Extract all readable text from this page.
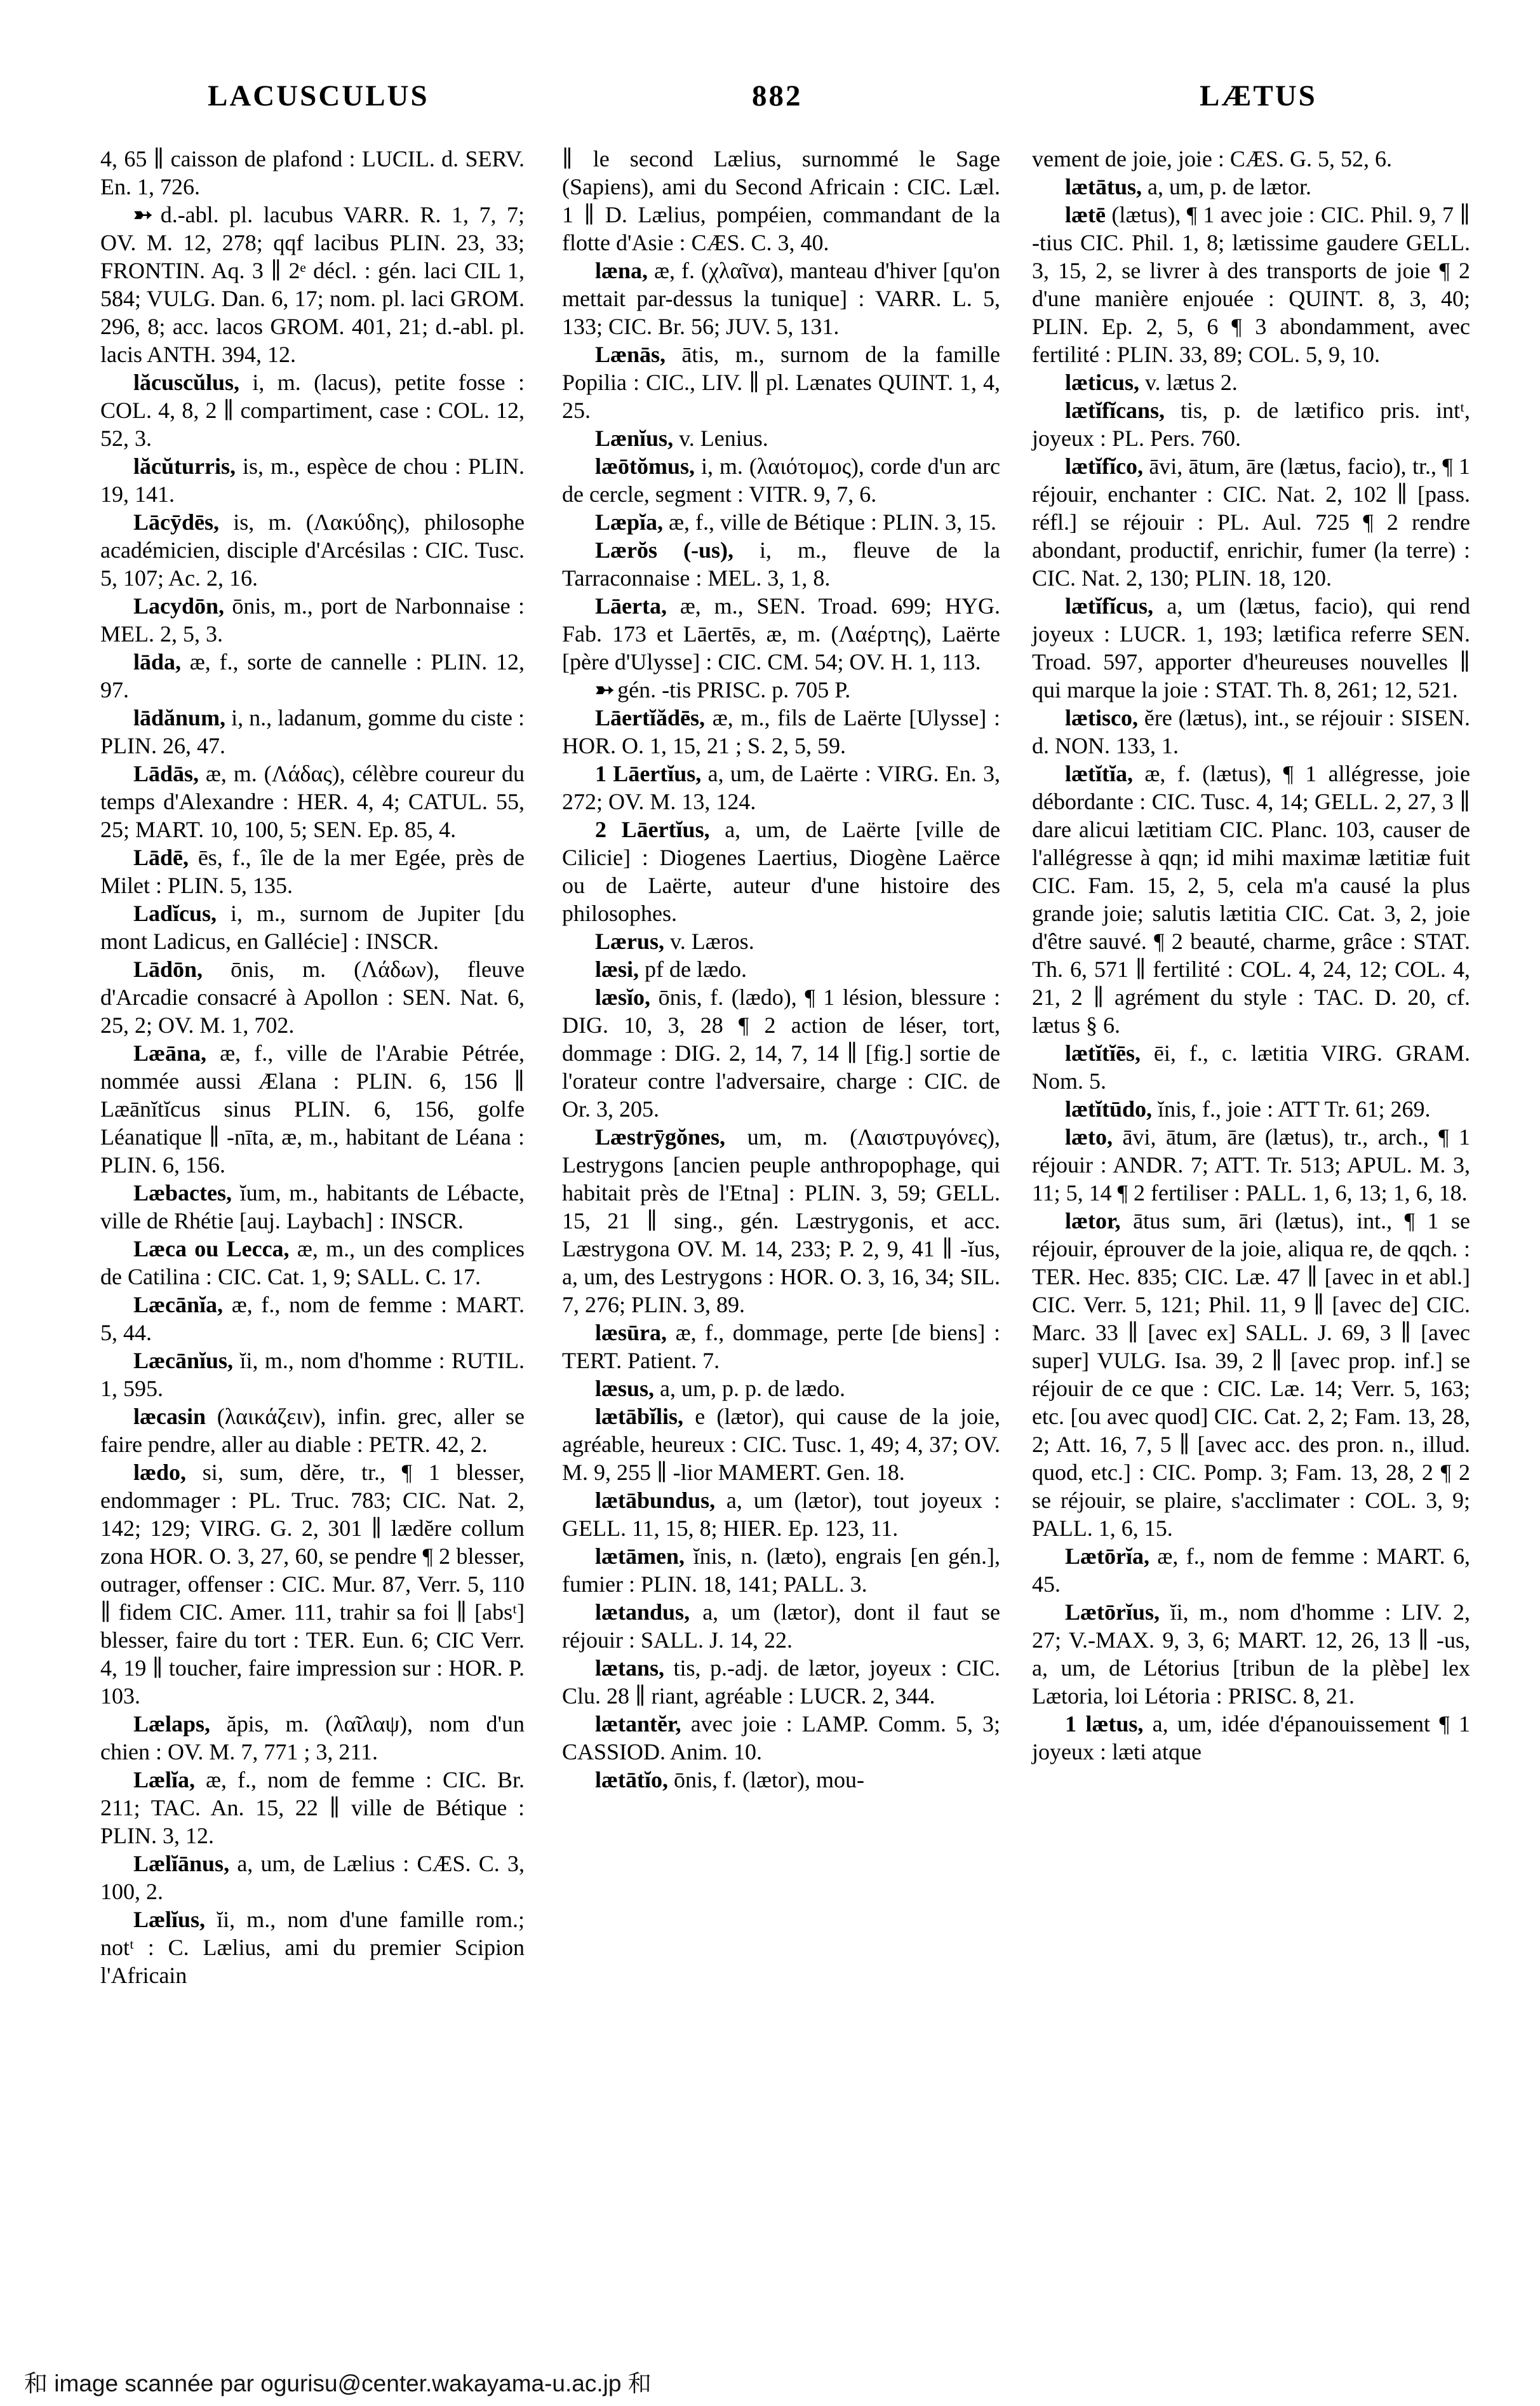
LACUSCULUS	882	LÆTUS

4, 65 ∥ caisson de plafond : LUCIL. d. SERV. En. 1, 726.

➳ d.-abl. pl. lacubus VARR. R. 1, 7, 7; OV. M. 12, 278; qqf lacibus PLIN. 23, 33; FRONTIN. Aq. 3 ∥ 2ᵉ décl. : gén. laci CIL 1, 584; VULG. Dan. 6, 17; nom. pl. laci GROM. 296, 8; acc. lacos GROM. 401, 21; d.-abl. pl. lacis ANTH. 394, 12.

lăcuscŭlus, i, m. (lacus), petite fosse : COL. 4, 8, 2 ∥ compartiment, case : COL. 12, 52, 3.

lăcŭturris, is, m., espèce de chou : PLIN. 19, 141.

Lācȳdēs, is, m. (Λακύδης), philosophe académicien, disciple d'Arcésilas : CIC. Tusc. 5, 107; Ac. 2, 16.

Lacydōn, ōnis, m., port de Narbonnaise : MEL. 2, 5, 3.

lāda, æ, f., sorte de cannelle : PLIN. 12, 97.

lādănum, i, n., ladanum, gomme du ciste : PLIN. 26, 47.

Lādās, æ, m. (Λάδας), célèbre coureur du temps d'Alexandre : HER. 4, 4; CATUL. 55, 25; MART. 10, 100, 5; SEN. Ep. 85, 4.

Lādē, ēs, f., île de la mer Egée, près de Milet : PLIN. 5, 135.

Ladĭcus, i, m., surnom de Jupiter [du mont Ladicus, en Gallécie] : INSCR.

Lādōn, ōnis, m. (Λάδων), fleuve d'Arcadie consacré à Apollon : SEN. Nat. 6, 25, 2; OV. M. 1, 702.

Læāna, æ, f., ville de l'Arabie Pétrée, nommée aussi Ælana : PLIN. 6, 156 ∥ Læānĭtĭcus sinus PLIN. 6, 156, golfe Léanatique ∥ -nīta, æ, m., habitant de Léana : PLIN. 6, 156.

Læbactes, ĭum, m., habitants de Lébacte, ville de Rhétie [auj. Laybach] : INSCR.

Læca ou Lecca, æ, m., un des complices de Catilina : CIC. Cat. 1, 9; SALL. C. 17.

Læcānĭa, æ, f., nom de femme : MART. 5, 44.

Læcānĭus, ĭi, m., nom d'homme : RUTIL. 1, 595.

læcasin (λαικάζειν), infin. grec, aller se faire pendre, aller au diable : PETR. 42, 2.

lædo, si, sum, dĕre, tr., ¶ 1 blesser, endommager : PL. Truc. 783; CIC. Nat. 2, 142; 129; VIRG. G. 2, 301 ∥ lædĕre collum zona HOR. O. 3, 27, 60, se pendre ¶ 2 blesser, outrager, offenser : CIC. Mur. 87, Verr. 5, 110 ∥ fidem CIC. Amer. 111, trahir sa foi ∥ [absᵗ] blesser, faire du tort : TER. Eun. 6; CIC Verr. 4, 19 ∥ toucher, faire impression sur : HOR. P. 103.

Lælaps, ăpis, m. (λαῖλαψ), nom d'un chien : OV. M. 7, 771 ; 3, 211.

Lælĭa, æ, f., nom de femme : CIC. Br. 211; TAC. An. 15, 22 ∥ ville de Bétique : PLIN. 3, 12.

Lælĭānus, a, um, de Lælius : CÆS. C. 3, 100, 2.

Lælĭus, ĭi, m., nom d'une famille rom.; notᵗ : C. Lælius, ami du premier Scipion l'Africain

∥ le second Lælius, surnommé le Sage (Sapiens), ami du Second Africain : CIC. Læl. 1 ∥ D. Lælius, pompéien, commandant de la flotte d'Asie : CÆS. C. 3, 40.

læna, æ, f. (χλαῖνα), manteau d'hiver [qu'on mettait par-dessus la tunique] : VARR. L. 5, 133; CIC. Br. 56; JUV. 5, 131.

Lænās, ātis, m., surnom de la famille Popilia : CIC., LIV. ∥ pl. Lænates QUINT. 1, 4, 25.

Lænĭus, v. Lenius.

læōtŏmus, i, m. (λαιότομος), corde d'un arc de cercle, segment : VITR. 9, 7, 6.

Læpĭa, æ, f., ville de Bétique : PLIN. 3, 15.

Lærŏs (-us), i, m., fleuve de la Tarraconnaise : MEL. 3, 1, 8.

Lāerta, æ, m., SEN. Troad. 699; HYG. Fab. 173 et Lāertēs, æ, m. (Λαέρτης), Laërte [père d'Ulysse] : CIC. CM. 54; OV. H. 1, 113.

➳ gén. -tis PRISC. p. 705 P.

Lāertĭădēs, æ, m., fils de Laërte [Ulysse] : HOR. O. 1, 15, 21 ; S. 2, 5, 59.

1 Lāertĭus, a, um, de Laërte : VIRG. En. 3, 272; OV. M. 13, 124.

2 Lāertĭus, a, um, de Laërte [ville de Cilicie] : Diogenes Laertius, Diogène Laërce ou de Laërte, auteur d'une histoire des philosophes.

Lærus, v. Læros.

læsi, pf de lædo.

læsĭo, ōnis, f. (lædo), ¶ 1 lésion, blessure : DIG. 10, 3, 28 ¶ 2 action de léser, tort, dommage : DIG. 2, 14, 7, 14 ∥ [fig.] sortie de l'orateur contre l'adversaire, charge : CIC. de Or. 3, 205.

Læstrȳgŏnes, um, m. (Λαιστρυγόνες), Lestrygons [ancien peuple anthropophage, qui habitait près de l'Etna] : PLIN. 3, 59; GELL. 15, 21 ∥ sing., gén. Læstrygonis, et acc. Læstrygona OV. M. 14, 233; P. 2, 9, 41 ∥ -ĭus, a, um, des Lestrygons : HOR. O. 3, 16, 34; SIL. 7, 276; PLIN. 3, 89.

læsūra, æ, f., dommage, perte [de biens] : TERT. Patient. 7.

læsus, a, um, p. p. de lædo.

lætābĭlis, e (lætor), qui cause de la joie, agréable, heureux : CIC. Tusc. 1, 49; 4, 37; OV. M. 9, 255 ∥ -lior MAMERT. Gen. 18.

lætābundus, a, um (lætor), tout joyeux : GELL. 11, 15, 8; HIER. Ep. 123, 11.

lætāmen, ĭnis, n. (læto), engrais [en gén.], fumier : PLIN. 18, 141; PALL. 3.

lætandus, a, um (lætor), dont il faut se réjouir : SALL. J. 14, 22.

lætans, tis, p.-adj. de lætor, joyeux : CIC. Clu. 28 ∥ riant, agréable : LUCR. 2, 344.

lætantĕr, avec joie : LAMP. Comm. 5, 3; CASSIOD. Anim. 10.

lætātĭo, ōnis, f. (lætor), mou-

vement de joie, joie : CÆS. G. 5, 52, 6.

lætātus, a, um, p. de lætor.

lætē (lætus), ¶ 1 avec joie : CIC. Phil. 9, 7 ∥ -tius CIC. Phil. 1, 8; lætissime gaudere GELL. 3, 15, 2, se livrer à des transports de joie ¶ 2 d'une manière enjouée : QUINT. 8, 3, 40; PLIN. Ep. 2, 5, 6 ¶ 3 abondamment, avec fertilité : PLIN. 33, 89; COL. 5, 9, 10.

læticus, v. lætus 2.

lætĭfĭcans, tis, p. de lætifico pris. intᵗ, joyeux : PL. Pers. 760.

lætĭfĭco, āvi, ātum, āre (lætus, facio), tr., ¶ 1 réjouir, enchanter : CIC. Nat. 2, 102 ∥ [pass. réfl.] se réjouir : PL. Aul. 725 ¶ 2 rendre abondant, productif, enrichir, fumer (la terre) : CIC. Nat. 2, 130; PLIN. 18, 120.

lætĭfĭcus, a, um (lætus, facio), qui rend joyeux : LUCR. 1, 193; lætifica referre SEN. Troad. 597, apporter d'heureuses nouvelles ∥ qui marque la joie : STAT. Th. 8, 261; 12, 521.

lætisco, ĕre (lætus), int., se réjouir : SISEN. d. NON. 133, 1.

lætĭtĭa, æ, f. (lætus), ¶ 1 allégresse, joie débordante : CIC. Tusc. 4, 14; GELL. 2, 27, 3 ∥ dare alicui lætitiam CIC. Planc. 103, causer de l'allégresse à qqn; id mihi maximæ lætitiæ fuit CIC. Fam. 15, 2, 5, cela m'a causé la plus grande joie; salutis lætitia CIC. Cat. 3, 2, joie d'être sauvé. ¶ 2 beauté, charme, grâce : STAT. Th. 6, 571 ∥ fertilité : COL. 4, 24, 12; COL. 4, 21, 2 ∥ agrément du style : TAC. D. 20, cf. lætus § 6.

lætĭtĭēs, ēi, f., c. lætitia VIRG. GRAM. Nom. 5.

lætĭtūdo, ĭnis, f., joie : ATT Tr. 61; 269.

læto, āvi, ātum, āre (lætus), tr., arch., ¶ 1 réjouir : ANDR. 7; ATT. Tr. 513; APUL. M. 3, 11; 5, 14 ¶ 2 fertiliser : PALL. 1, 6, 13; 1, 6, 18.

lætor, ātus sum, āri (lætus), int., ¶ 1 se réjouir, éprouver de la joie, aliqua re, de qqch. : TER. Hec. 835; CIC. Læ. 47 ∥ [avec in et abl.] CIC. Verr. 5, 121; Phil. 11, 9 ∥ [avec de] CIC. Marc. 33 ∥ [avec ex] SALL. J. 69, 3 ∥ [avec super] VULG. Isa. 39, 2 ∥ [avec prop. inf.] se réjouir de ce que : CIC. Læ. 14; Verr. 5, 163; etc. [ou avec quod] CIC. Cat. 2, 2; Fam. 13, 28, 2; Att. 16, 7, 5 ∥ [avec acc. des pron. n., illud. quod, etc.] : CIC. Pomp. 3; Fam. 13, 28, 2 ¶ 2 se réjouir, se plaire, s'acclimater : COL. 3, 9; PALL. 1, 6, 15.

Lætōrĭa, æ, f., nom de femme : MART. 6, 45.

Lætōrĭus, ĭi, m., nom d'homme : LIV. 2, 27; V.-MAX. 9, 3, 6; MART. 12, 26, 13 ∥ -us, a, um, de Létorius [tribun de la plèbe] lex Lætoria, loi Létoria : PRISC. 8, 21.

1 lætus, a, um, idée d'épanouissement ¶ 1 joyeux : læti atque

和 image scannée par ogurisu@center.wakayama-u.ac.jp 和
